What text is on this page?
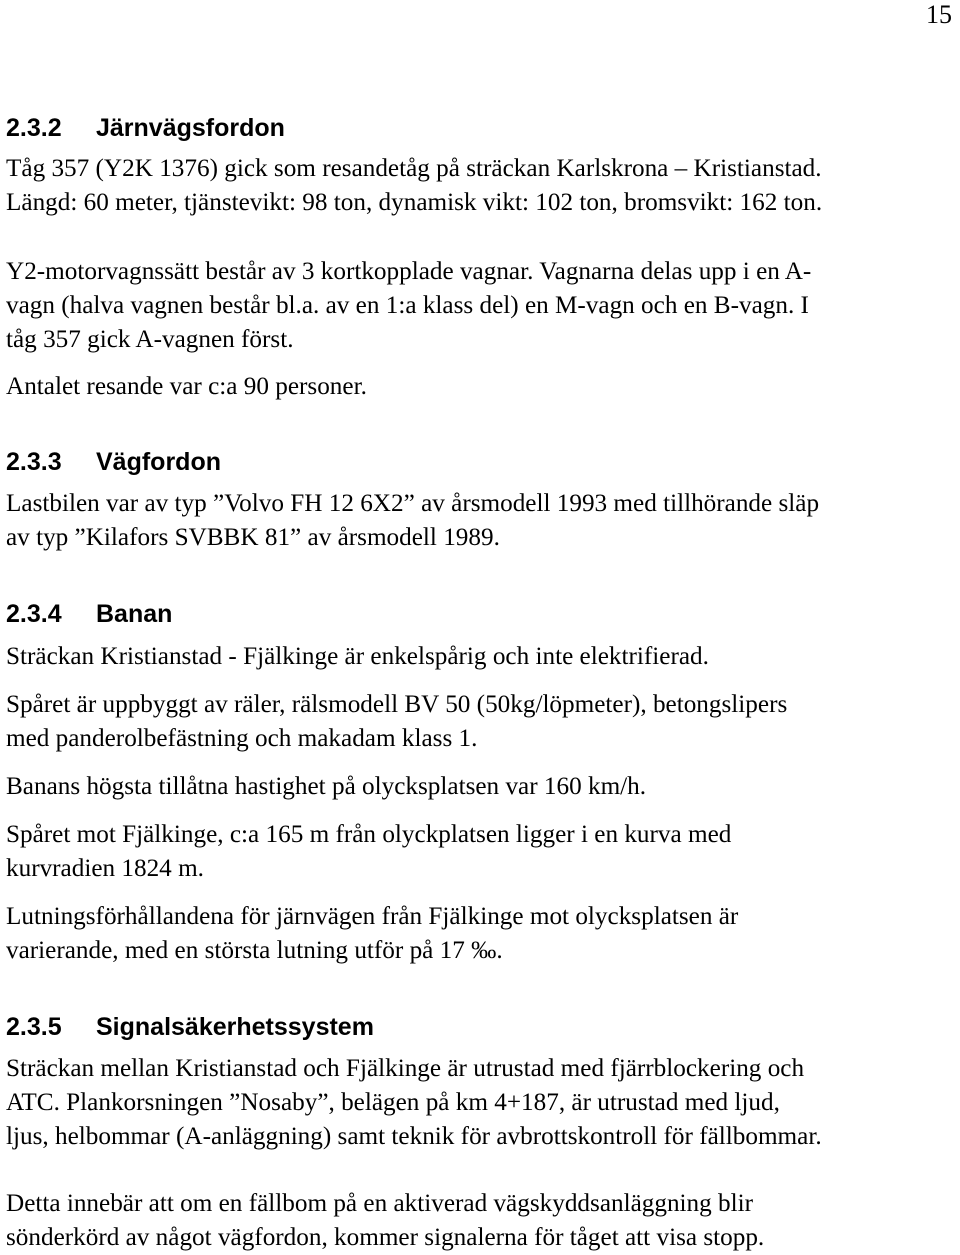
15
2.3.2 Järnvägsfordon
Tåg 357 (Y2K 1376) gick som resandetåg på sträckan Karlskrona – Kristianstad.
Längd: 60 meter, tjänstevikt: 98 ton, dynamisk vikt: 102 ton, bromsvikt: 162 ton.
Y2-motorvagnssätt består av 3 kortkopplade vagnar. Vagnarna delas upp i en A-
vagn (halva vagnen består bl.a. av en 1:a klass del) en M-vagn och en B-vagn. I
tåg 357 gick A-vagnen först.
Antalet resande var c:a 90 personer.
2.3.3 Vägfordon
Lastbilen var av typ ”Volvo FH 12 6X2” av årsmodell 1993 med tillhörande släp
av typ ”Kilafors SVBBK 81” av årsmodell 1989.
2.3.4 Banan
Sträckan Kristianstad - Fjälkinge är enkelspårig och inte elektrifierad.
Spåret är uppbyggt av räler, rälsmodell BV 50 (50kg/löpmeter), betongslipers
med panderolbefästning och makadam klass 1.
Banans högsta tillåtna hastighet på olycksplatsen var 160 km/h.
Spåret mot Fjälkinge, c:a 165 m från olyckplatsen ligger i en kurva med
kurvradien 1824 m.
Lutningsförhållandena för järnvägen från Fjälkinge mot olycksplatsen är
varierande, med en största lutning utför på 17 ‰.
2.3.5 Signalsäkerhetssystem
Sträckan mellan Kristianstad och Fjälkinge är utrustad med fjärrblockering och
ATC. Plankorsningen ”Nosaby”, belägen på km 4+187, är utrustad med ljud,
ljus, helbommar (A-anläggning) samt teknik för avbrottskontroll för fällbommar.
Detta innebär att om en fällbom på en aktiverad vägskyddsanläggning blir
sönderkörd av något vägfordon, kommer signalerna för tåget att visa stopp.
